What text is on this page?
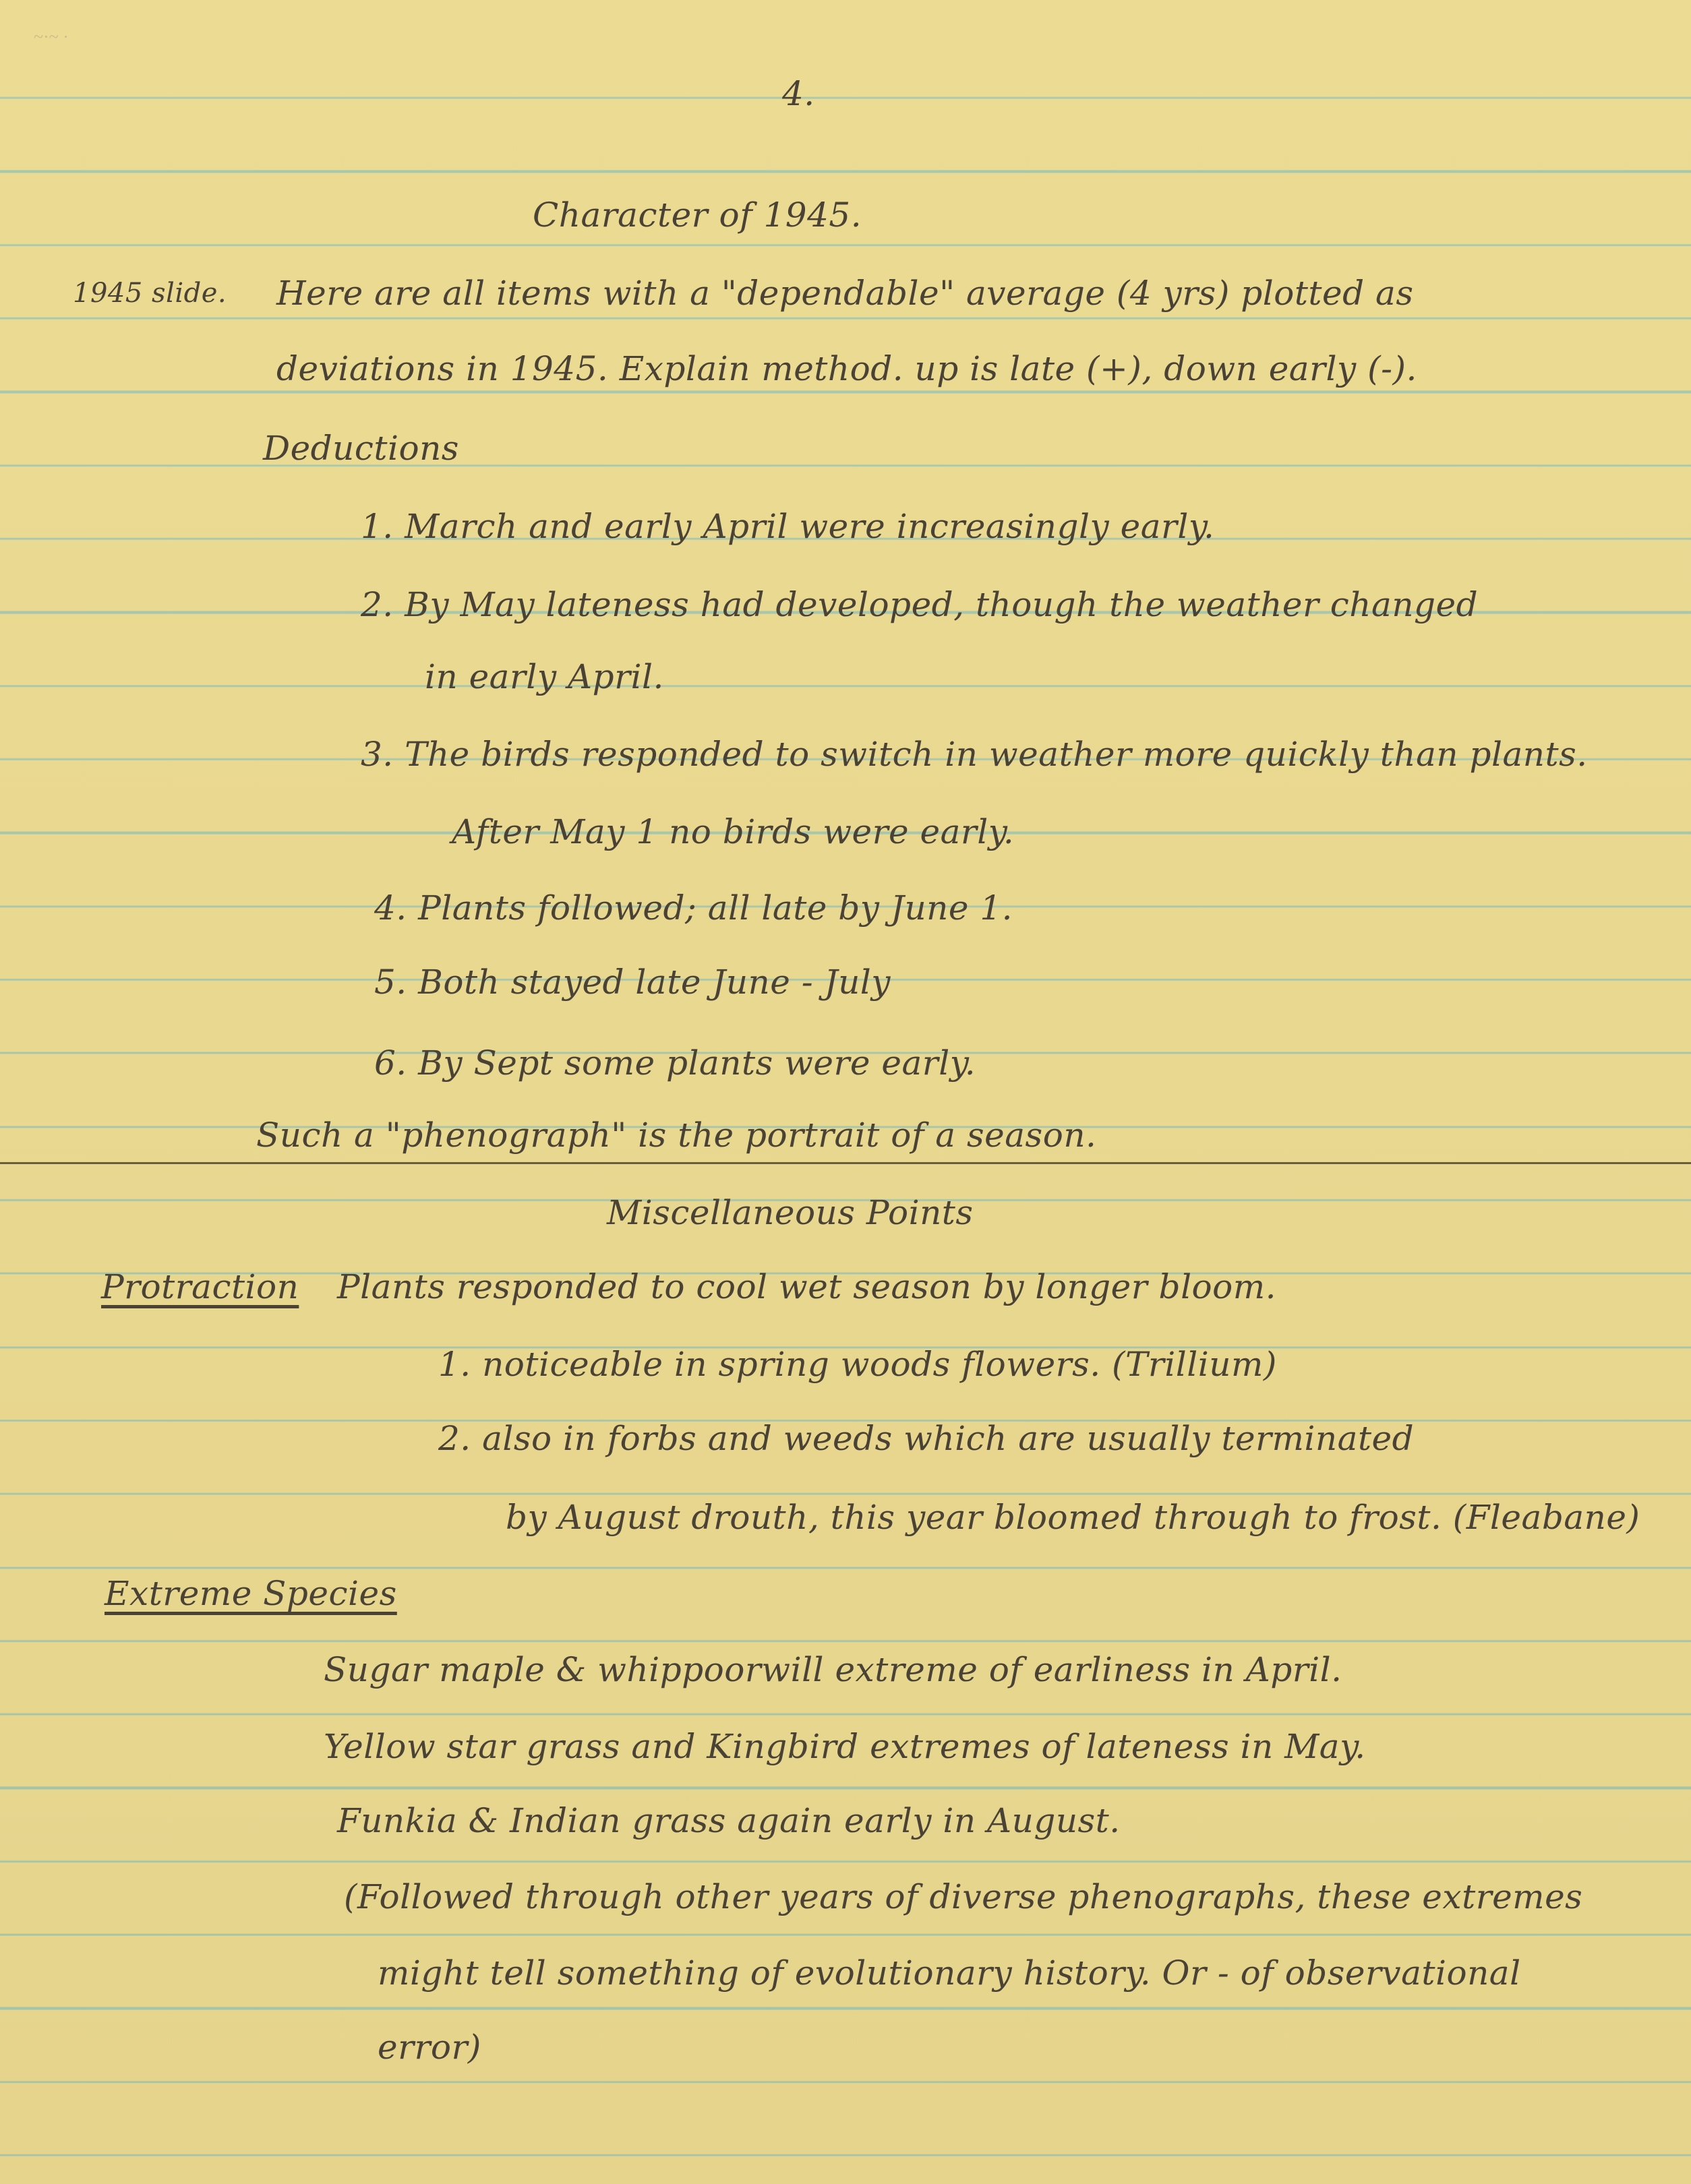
~·~ ·
4.
Character of 1945.
1945 slide. Here are all items with a "dependable" average (4 yrs) plotted as
deviations in 1945. Explain method. up is late (+), down early (-).
Deductions
1. March and early April were increasingly early.
2. By May lateness had developed, though the weather changed
in early April.
3. The birds responded to switch in weather more quickly than plants.
After May 1 no birds were early.
4. Plants followed; all late by June 1.
5. Both stayed late June - July
6. By Sept some plants were early.
Such a "phenograph" is the portrait of a season.
Miscellaneous Points
Protraction Plants responded to cool wet season by longer bloom.
1. noticeable in spring woods flowers. (Trillium)
2. also in forbs and weeds which are usually terminated
by August drouth, this year bloomed through to frost. (Fleabane)
Extreme Species
Sugar maple & whippoorwill extreme of earliness in April.
Yellow star grass and Kingbird extremes of lateness in May.
Funkia & Indian grass again early in August.
(Followed through other years of diverse phenographs, these extremes
might tell something of evolutionary history. Or - of observational
error)
